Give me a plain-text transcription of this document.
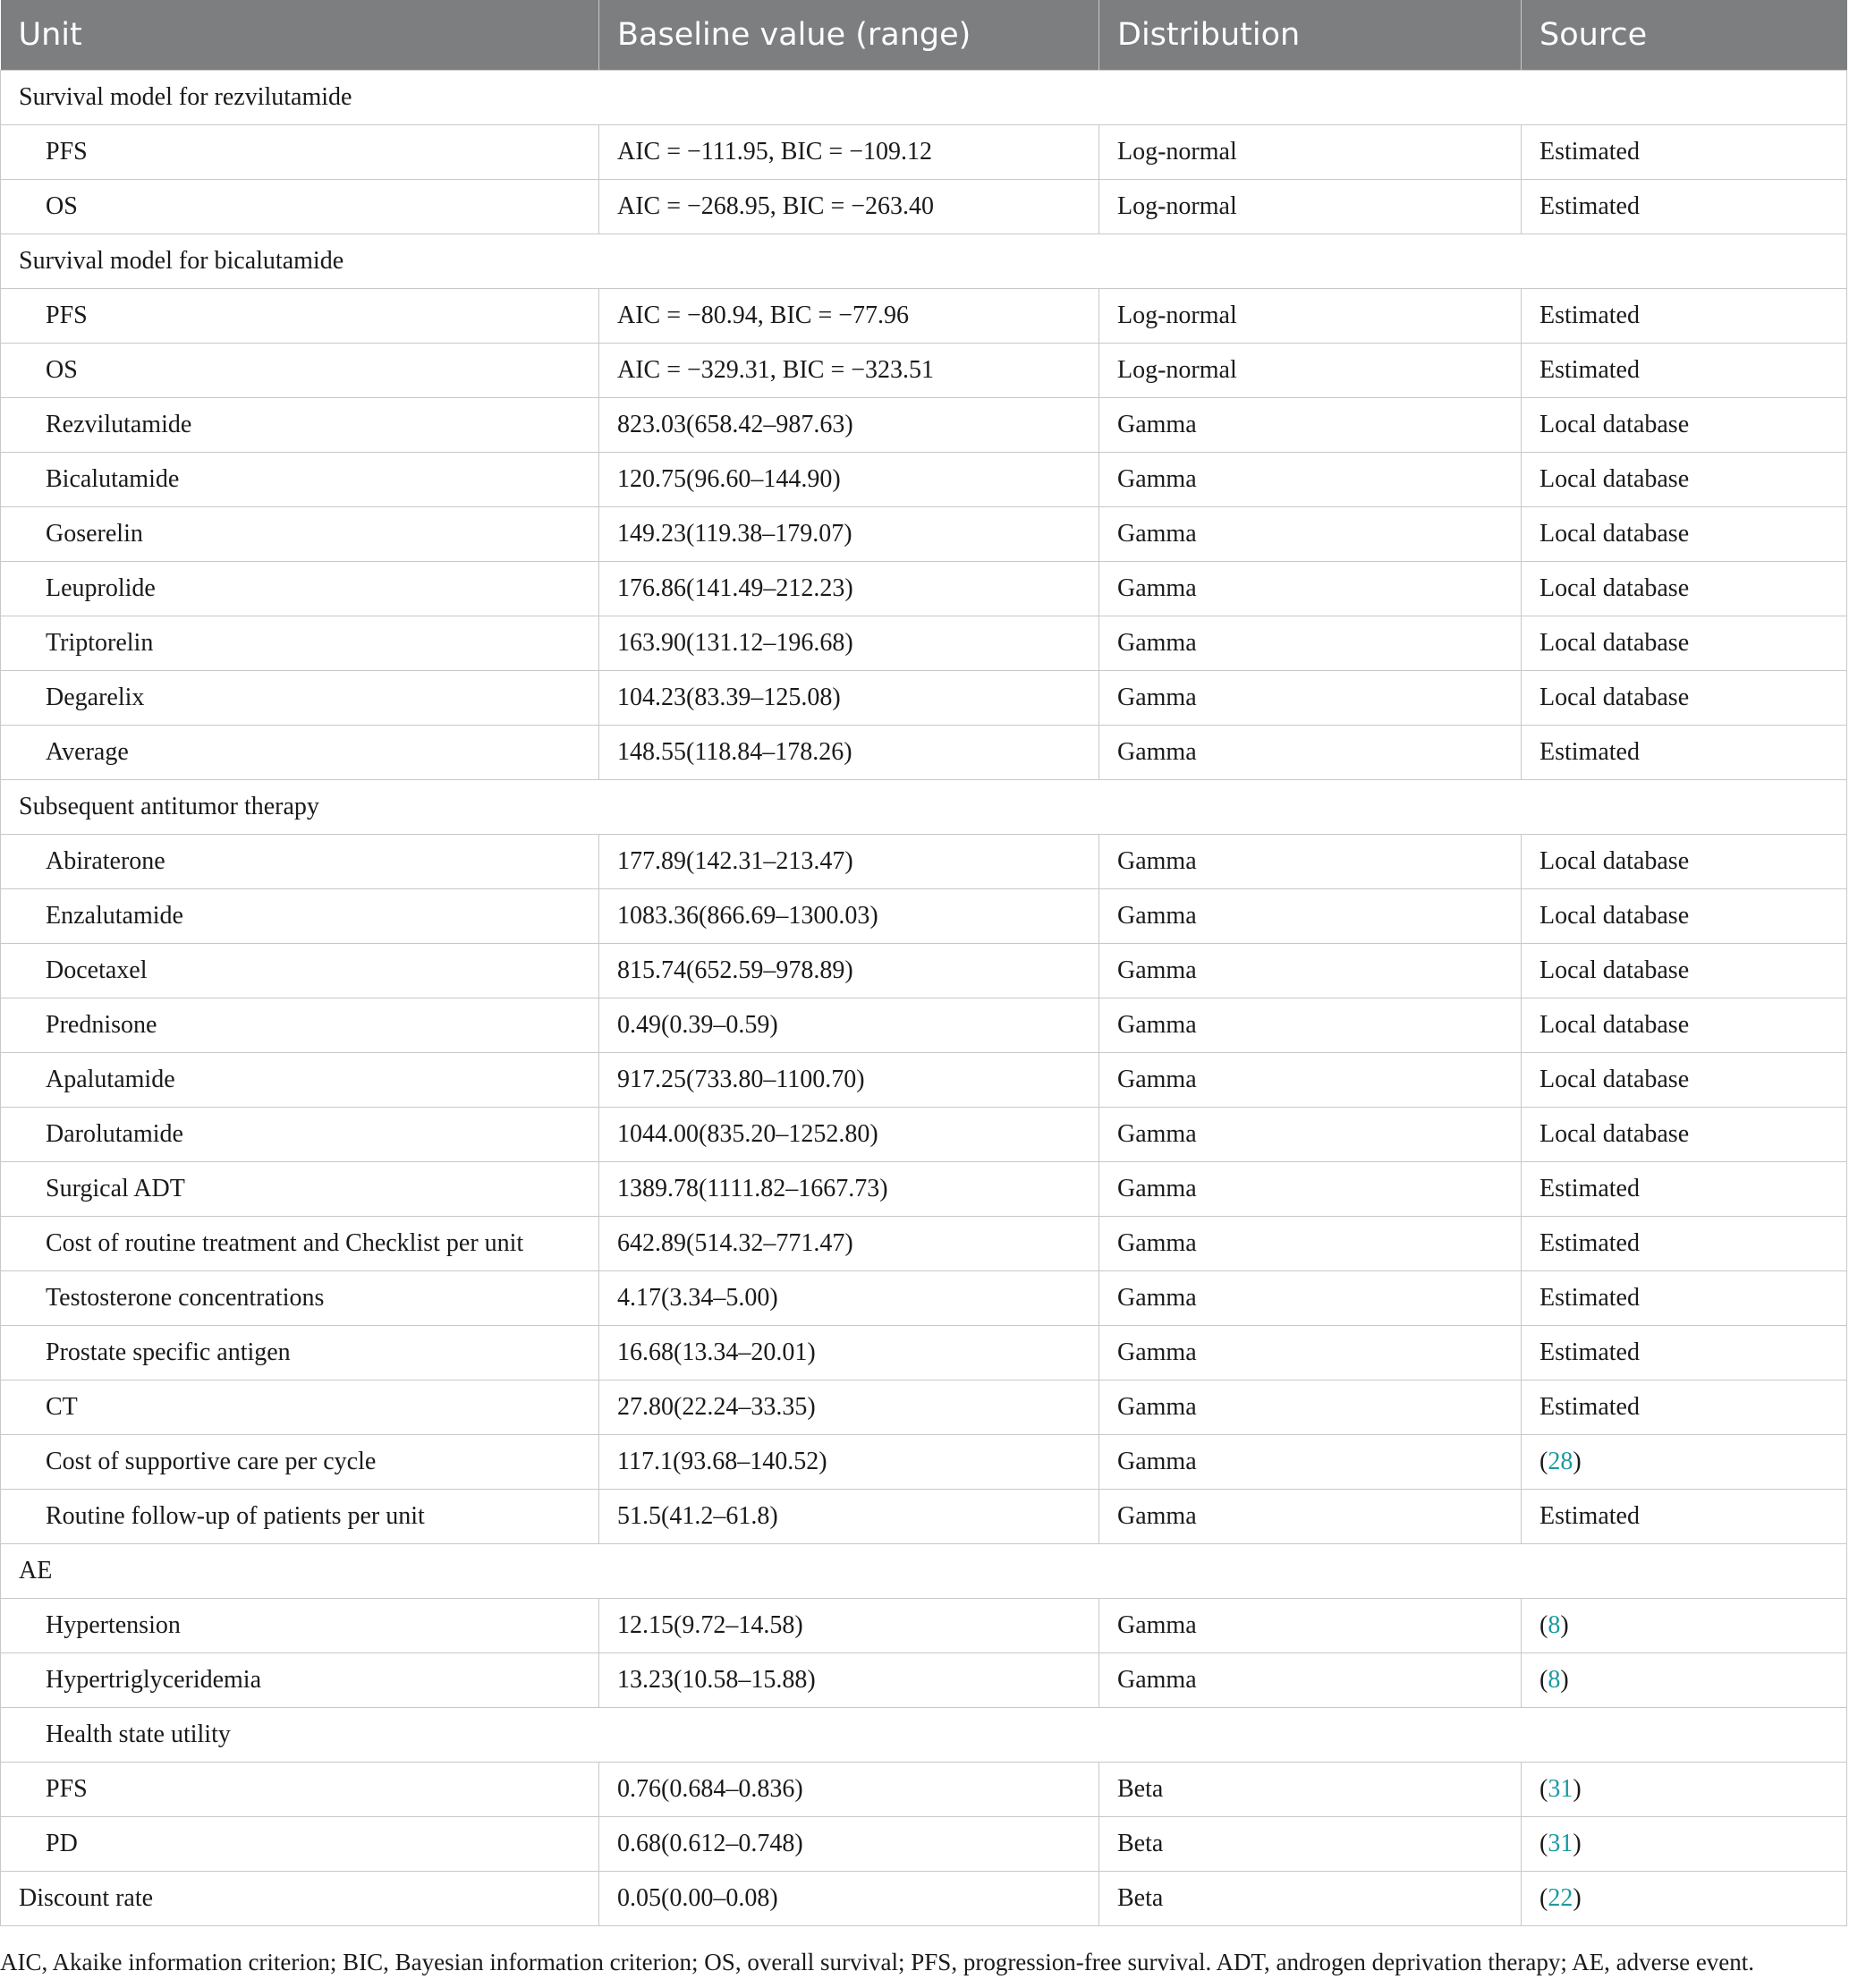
Unit	Baseline value (range)	Distribution	Source
Survival model for rezvilutamide			
PFS	AIC = −111.95, BIC = −109.12	Log-normal	Estimated
OS	AIC = −268.95, BIC = −263.40	Log-normal	Estimated
Survival model for bicalutamide			
PFS	AIC = −80.94, BIC = −77.96	Log-normal	Estimated
OS	AIC = −329.31, BIC = −323.51	Log-normal	Estimated
Rezvilutamide	823.03(658.42–987.63)	Gamma	Local database
Bicalutamide	120.75(96.60–144.90)	Gamma	Local database
Goserelin	149.23(119.38–179.07)	Gamma	Local database
Leuprolide	176.86(141.49–212.23)	Gamma	Local database
Triptorelin	163.90(131.12–196.68)	Gamma	Local database
Degarelix	104.23(83.39–125.08)	Gamma	Local database
Average	148.55(118.84–178.26)	Gamma	Estimated
Subsequent antitumor therapy			
Abiraterone	177.89(142.31–213.47)	Gamma	Local database
Enzalutamide	1083.36(866.69–1300.03)	Gamma	Local database
Docetaxel	815.74(652.59–978.89)	Gamma	Local database
Prednisone	0.49(0.39–0.59)	Gamma	Local database
Apalutamide	917.25(733.80–1100.70)	Gamma	Local database
Darolutamide	1044.00(835.20–1252.80)	Gamma	Local database
Surgical ADT	1389.78(1111.82–1667.73)	Gamma	Estimated
Cost of routine treatment and Checklist per unit	642.89(514.32–771.47)	Gamma	Estimated
Testosterone concentrations	4.17(3.34–5.00)	Gamma	Estimated
Prostate specific antigen	16.68(13.34–20.01)	Gamma	Estimated
CT	27.80(22.24–33.35)	Gamma	Estimated
Cost of supportive care per cycle	117.1(93.68–140.52)	Gamma	(28)
Routine follow-up of patients per unit	51.5(41.2–61.8)	Gamma	Estimated
AE			
Hypertension	12.15(9.72–14.58)	Gamma	(8)
Hypertriglyceridemia	13.23(10.58–15.88)	Gamma	(8)
Health state utility			
PFS	0.76(0.684–0.836)	Beta	(31)
PD	0.68(0.612–0.748)	Beta	(31)
Discount rate	0.05(0.00–0.08)	Beta	(22)
AIC, Akaike information criterion; BIC, Bayesian information criterion; OS, overall survival; PFS, progression-free survival. ADT, androgen deprivation therapy; AE, adverse event.
